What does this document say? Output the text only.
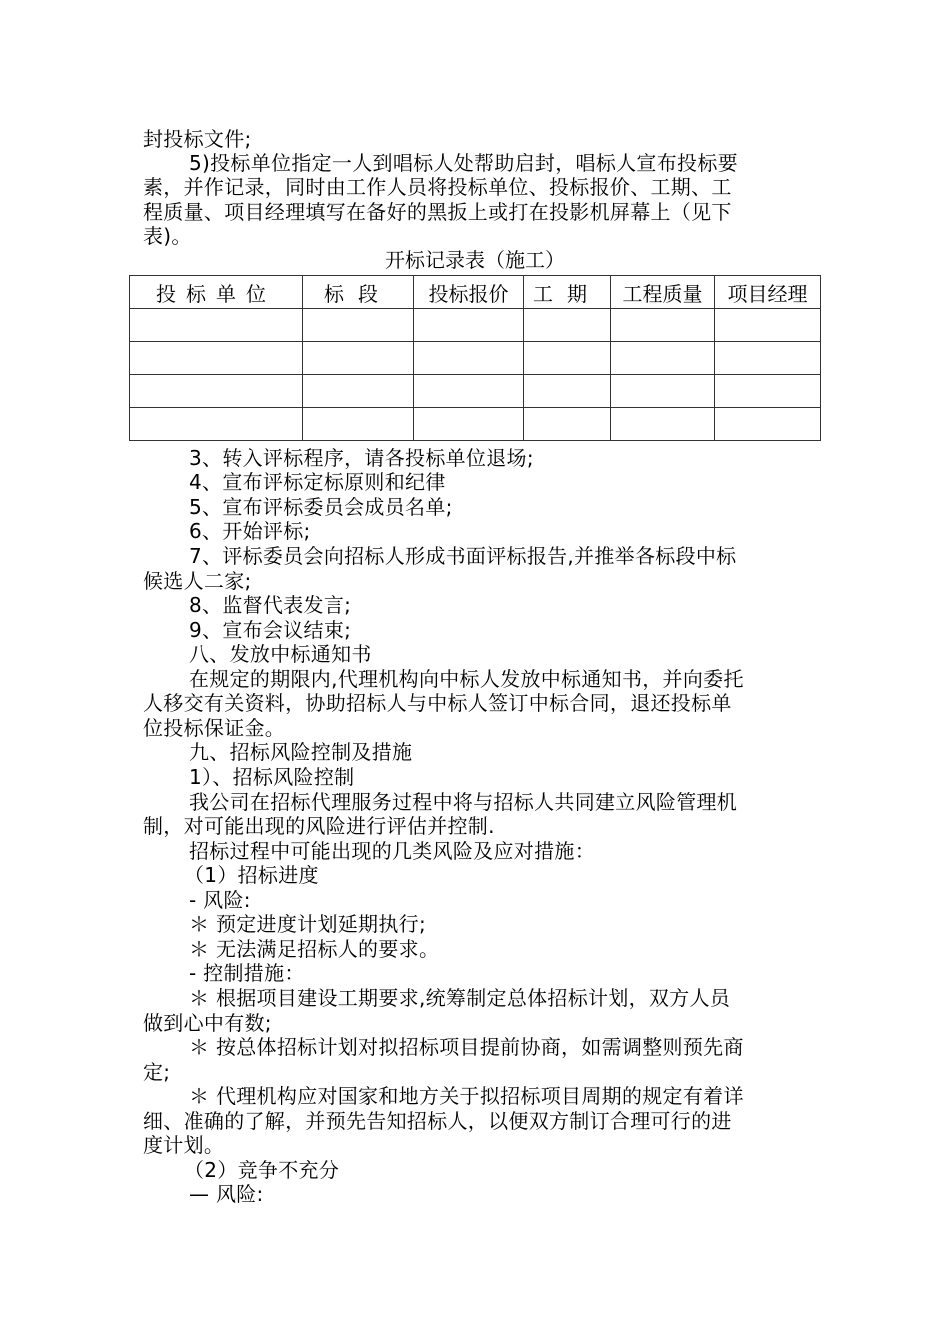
封投标文件;
5)投标单位指定一人到唱标人处帮助启封，唱标人宣布投标要
素，并作记录，同时由工作人员将投标单位、投标报价、工期、工
程质量、项目经理填写在备好的黑扳上或打在投影机屏幕上（见下
表)。
开标记录表（施工）
投标单位	标段	投标报价	工期	工程质量	项目经理

3、转入评标程序，请各投标单位退场;
4、宣布评标定标原则和纪律
5、宣布评标委员会成员名单;
6、开始评标;
7、评标委员会向招标人形成书面评标报告,并推举各标段中标
候选人二家;
8、监督代表发言;
9、宣布会议结束;
八、发放中标通知书
在规定的期限内,代理机构向中标人发放中标通知书，并向委托
人移交有关资料，协助招标人与中标人签订中标合同，退还投标单
位投标保证金。
九、招标风险控制及措施
1）、招标风险控制
我公司在招标代理服务过程中将与招标人共同建立风险管理机
制，对可能出现的风险进行评估并控制.
招标过程中可能出现的几类风险及应对措施：
（1）招标进度
- 风险:
＊ 预定进度计划延期执行;
＊ 无法满足招标人的要求。
- 控制措施：
＊ 根据项目建设工期要求,统筹制定总体招标计划，双方人员
做到心中有数;
＊ 按总体招标计划对拟招标项目提前协商，如需调整则预先商
定;
＊ 代理机构应对国家和地方关于拟招标项目周期的规定有着详
细、准确的了解，并预先告知招标人，以便双方制订合理可行的进
度计划。
（2）竞争不充分
— 风险:
